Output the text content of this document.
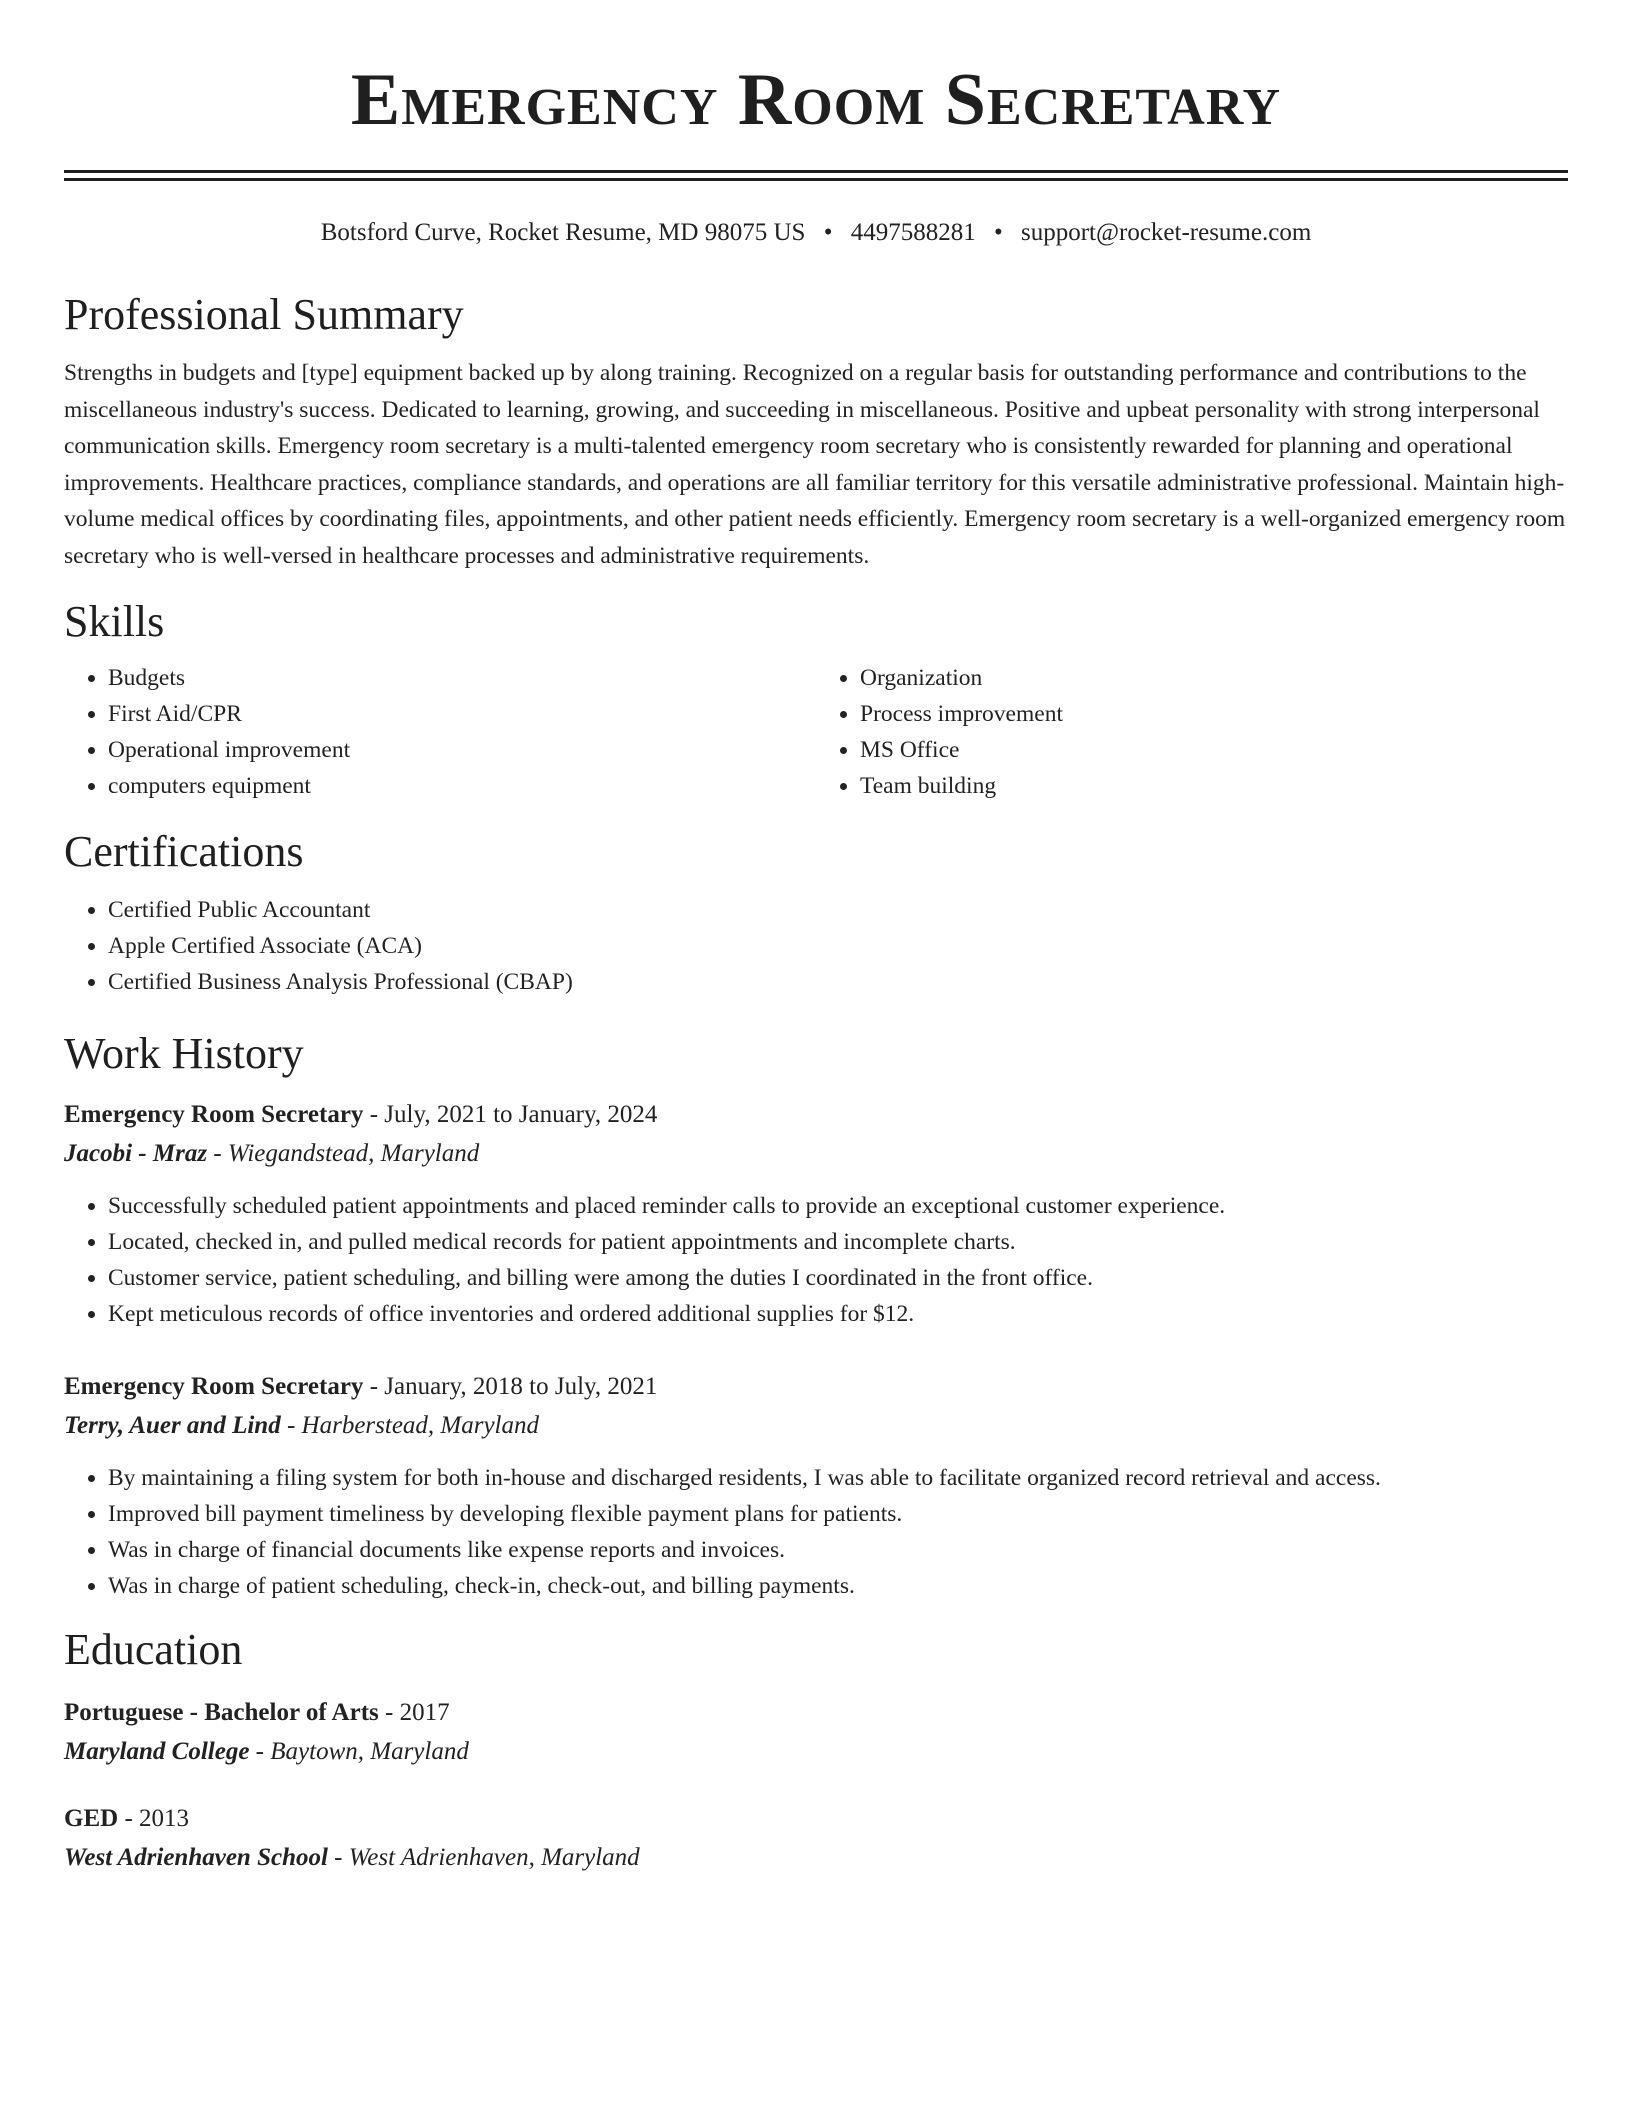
Emergency Room Secretary
Botsford Curve, Rocket Resume, MD 98075 US • 4497588281 • support@rocket-resume.com
Professional Summary
Strengths in budgets and [type] equipment backed up by along training. Recognized on a regular basis for outstanding performance and contributions to the miscellaneous industry's success. Dedicated to learning, growing, and succeeding in miscellaneous. Positive and upbeat personality with strong interpersonal communication skills. Emergency room secretary is a multi-talented emergency room secretary who is consistently rewarded for planning and operational improvements. Healthcare practices, compliance standards, and operations are all familiar territory for this versatile administrative professional. Maintain high-volume medical offices by coordinating files, appointments, and other patient needs efficiently. Emergency room secretary is a well-organized emergency room secretary who is well-versed in healthcare processes and administrative requirements.
Skills
• Budgets
• First Aid/CPR
• Operational improvement
• computers equipment
• Organization
• Process improvement
• MS Office
• Team building
Certifications
• Certified Public Accountant
• Apple Certified Associate (ACA)
• Certified Business Analysis Professional (CBAP)
Work History
Emergency Room Secretary - July, 2021 to January, 2024
Jacobi - Mraz - Wiegandstead, Maryland
• Successfully scheduled patient appointments and placed reminder calls to provide an exceptional customer experience.
• Located, checked in, and pulled medical records for patient appointments and incomplete charts.
• Customer service, patient scheduling, and billing were among the duties I coordinated in the front office.
• Kept meticulous records of office inventories and ordered additional supplies for $12.
Emergency Room Secretary - January, 2018 to July, 2021
Terry, Auer and Lind - Harberstead, Maryland
• By maintaining a filing system for both in-house and discharged residents, I was able to facilitate organized record retrieval and access.
• Improved bill payment timeliness by developing flexible payment plans for patients.
• Was in charge of financial documents like expense reports and invoices.
• Was in charge of patient scheduling, check-in, check-out, and billing payments.
Education
Portuguese - Bachelor of Arts - 2017
Maryland College - Baytown, Maryland
GED - 2013
West Adrienhaven School - West Adrienhaven, Maryland
